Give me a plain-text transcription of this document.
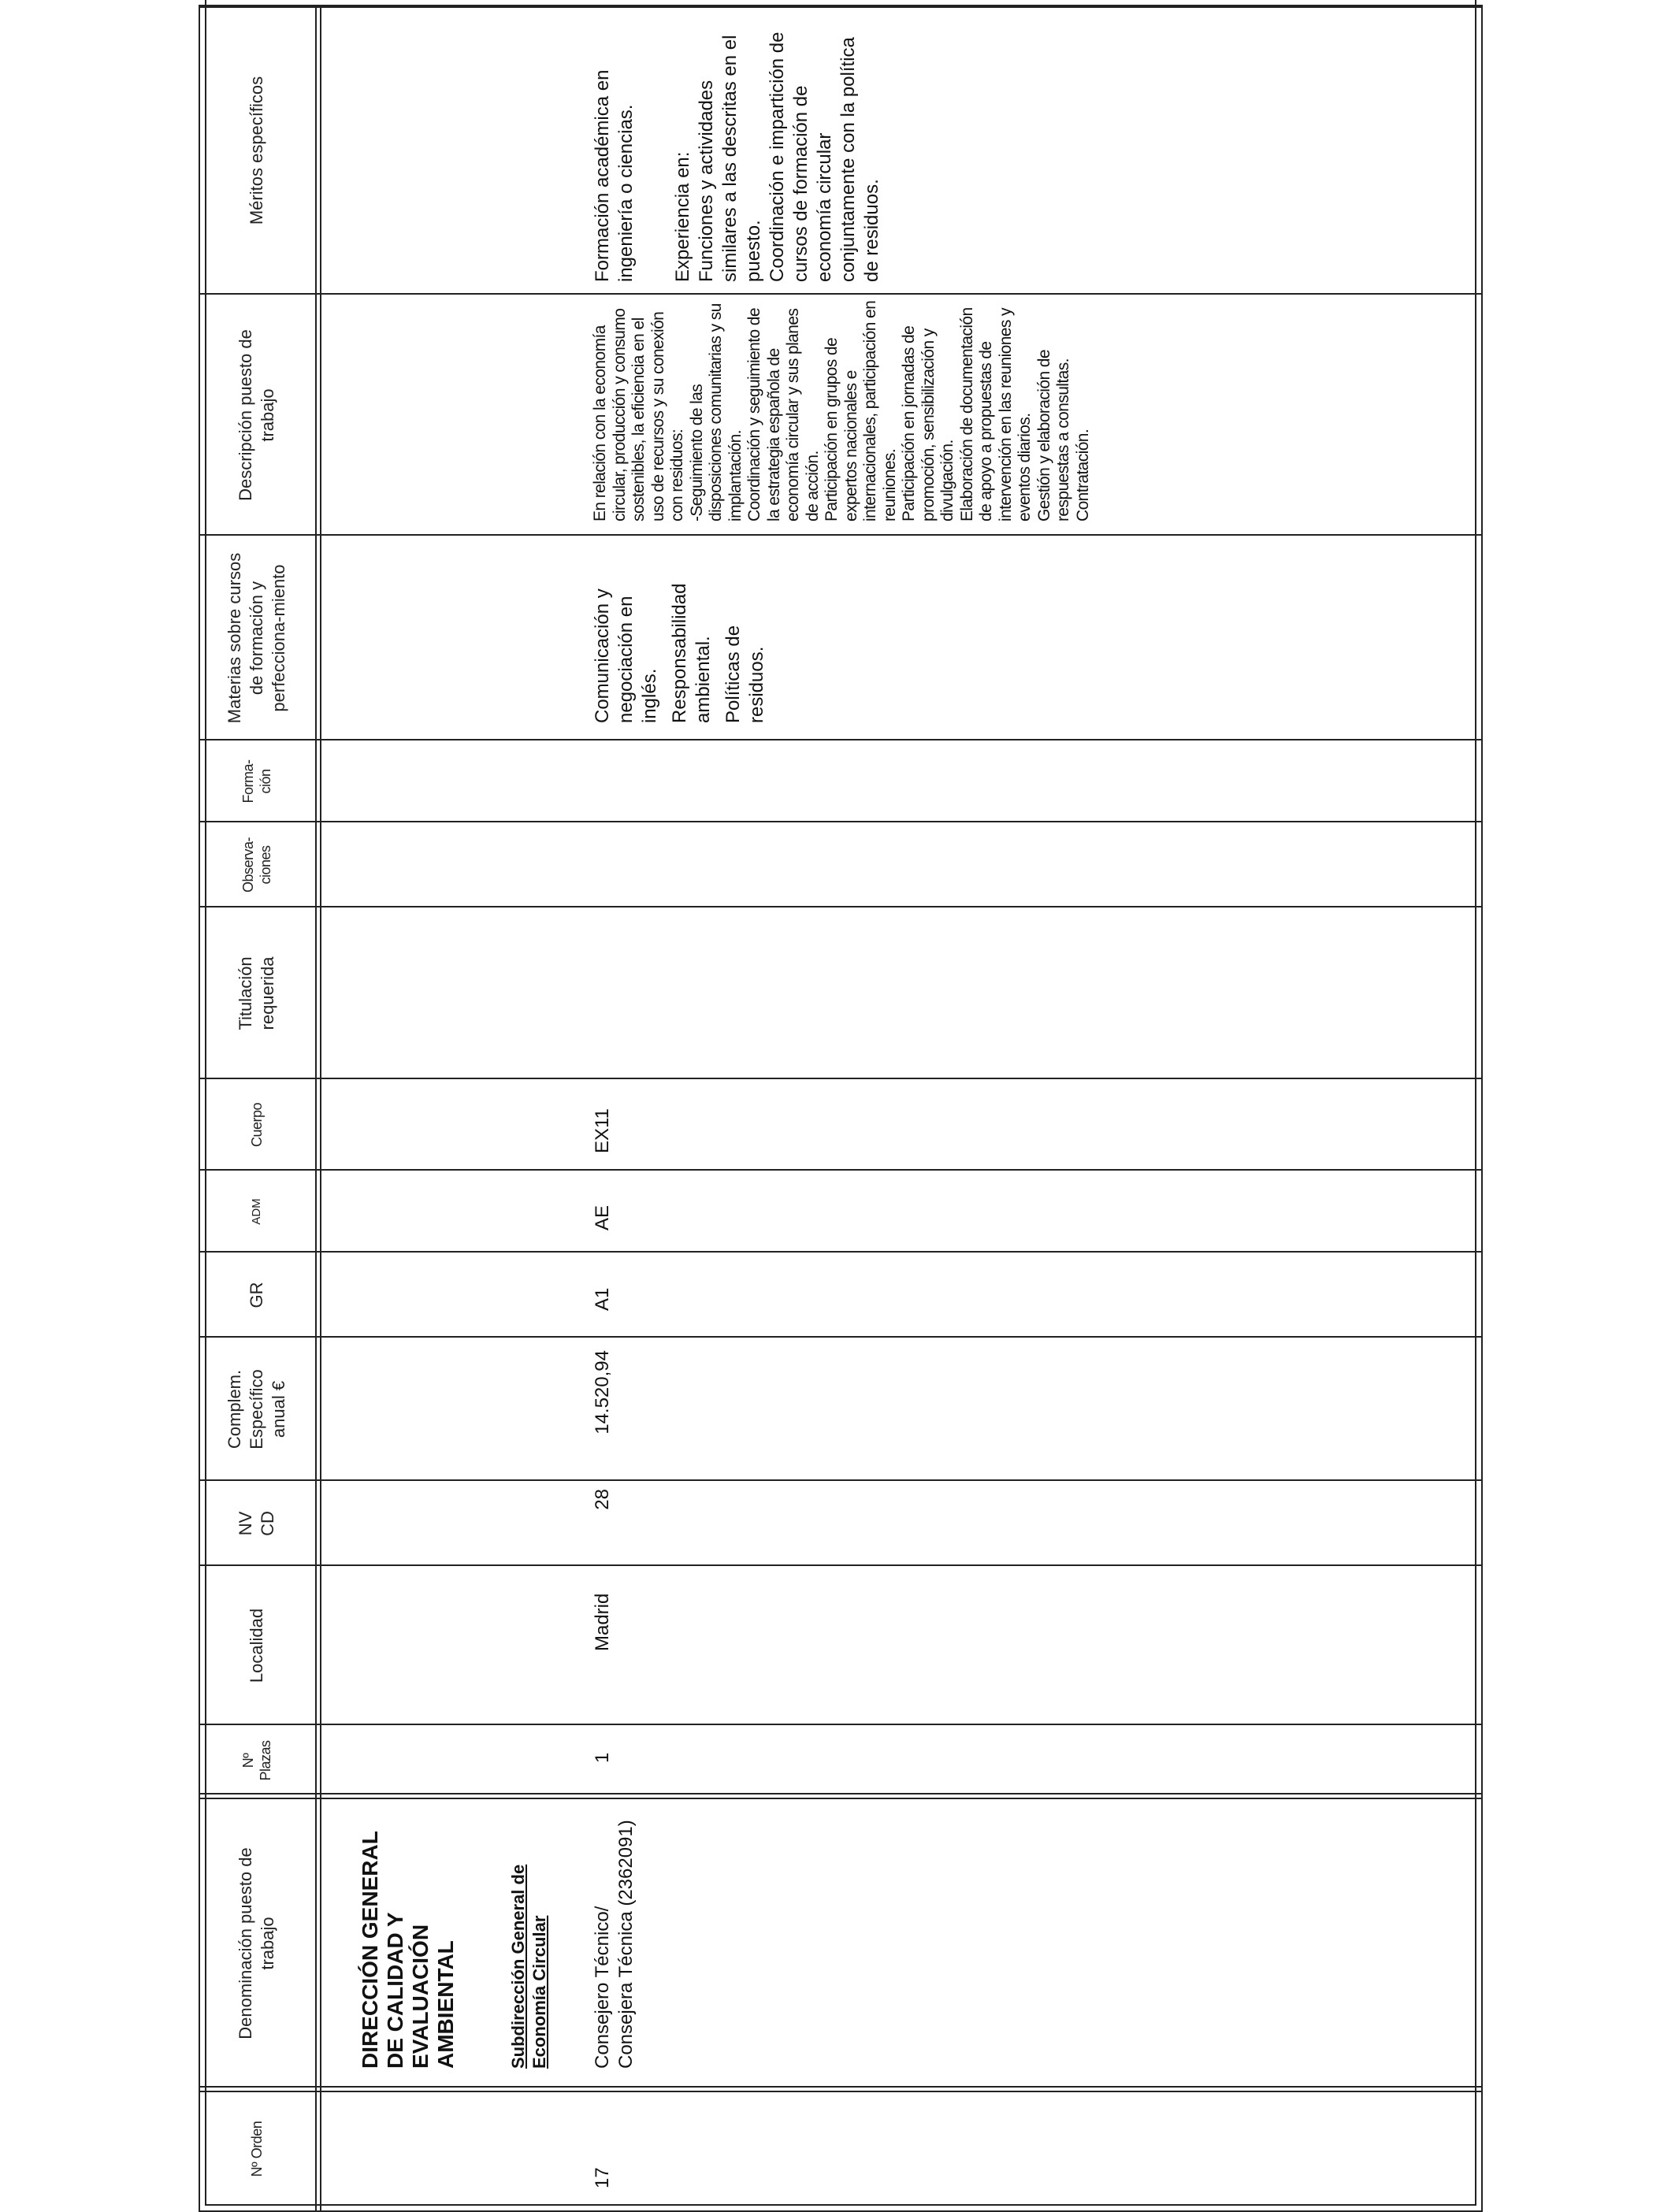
Nº Orden
Denominación puesto de trabajo
Nº Plazas
Localidad
Complem. Específico anual €
NV CD
GR
ADM
Cuerpo
Titulación requerida
Observa-ciones
Forma-ción
Materias sobre cursos de formación y perfecciona-miento
Descripción puesto de trabajo
Méritos específicos
DIRECCIÓN GENERAL DE CALIDAD Y EVALUACIÓN AMBIENTAL	Subdirección General de Economía Circular
17
Consejero Técnico/ Consejera Técnica (2362091)
1
Madrid
28
14.520,94
A1
AE
EX11

Comunicación y negociación en inglés. Responsabilidad ambiental. Políticas de residuos.

En relación con la economía circular, producción y consumo sostenibles, la eficiencia en el uso de recursos y su conexión con residuos: -Seguimiento de las disposiciones comunitarias y su implantación. Coordinación y seguimiento de la estrategia española de economía circular y sus planes de acción. Participación en grupos de expertos nacionales e internacionales, participación en reuniones. Participación en jornadas de promoción, sensibilización y divulgación. Elaboración de documentación de apoyo a propuestas de intervención en las reuniones y eventos diarios. Gestión y elaboración de respuestas a consultas. Contratación.

Formación académica en ingeniería o ciencias. Experiencia en: Funciones y actividades similares a las descritas en el puesto. Coordinación e impartición de cursos de formación de economía circular conjuntamente con la política de residuos.
